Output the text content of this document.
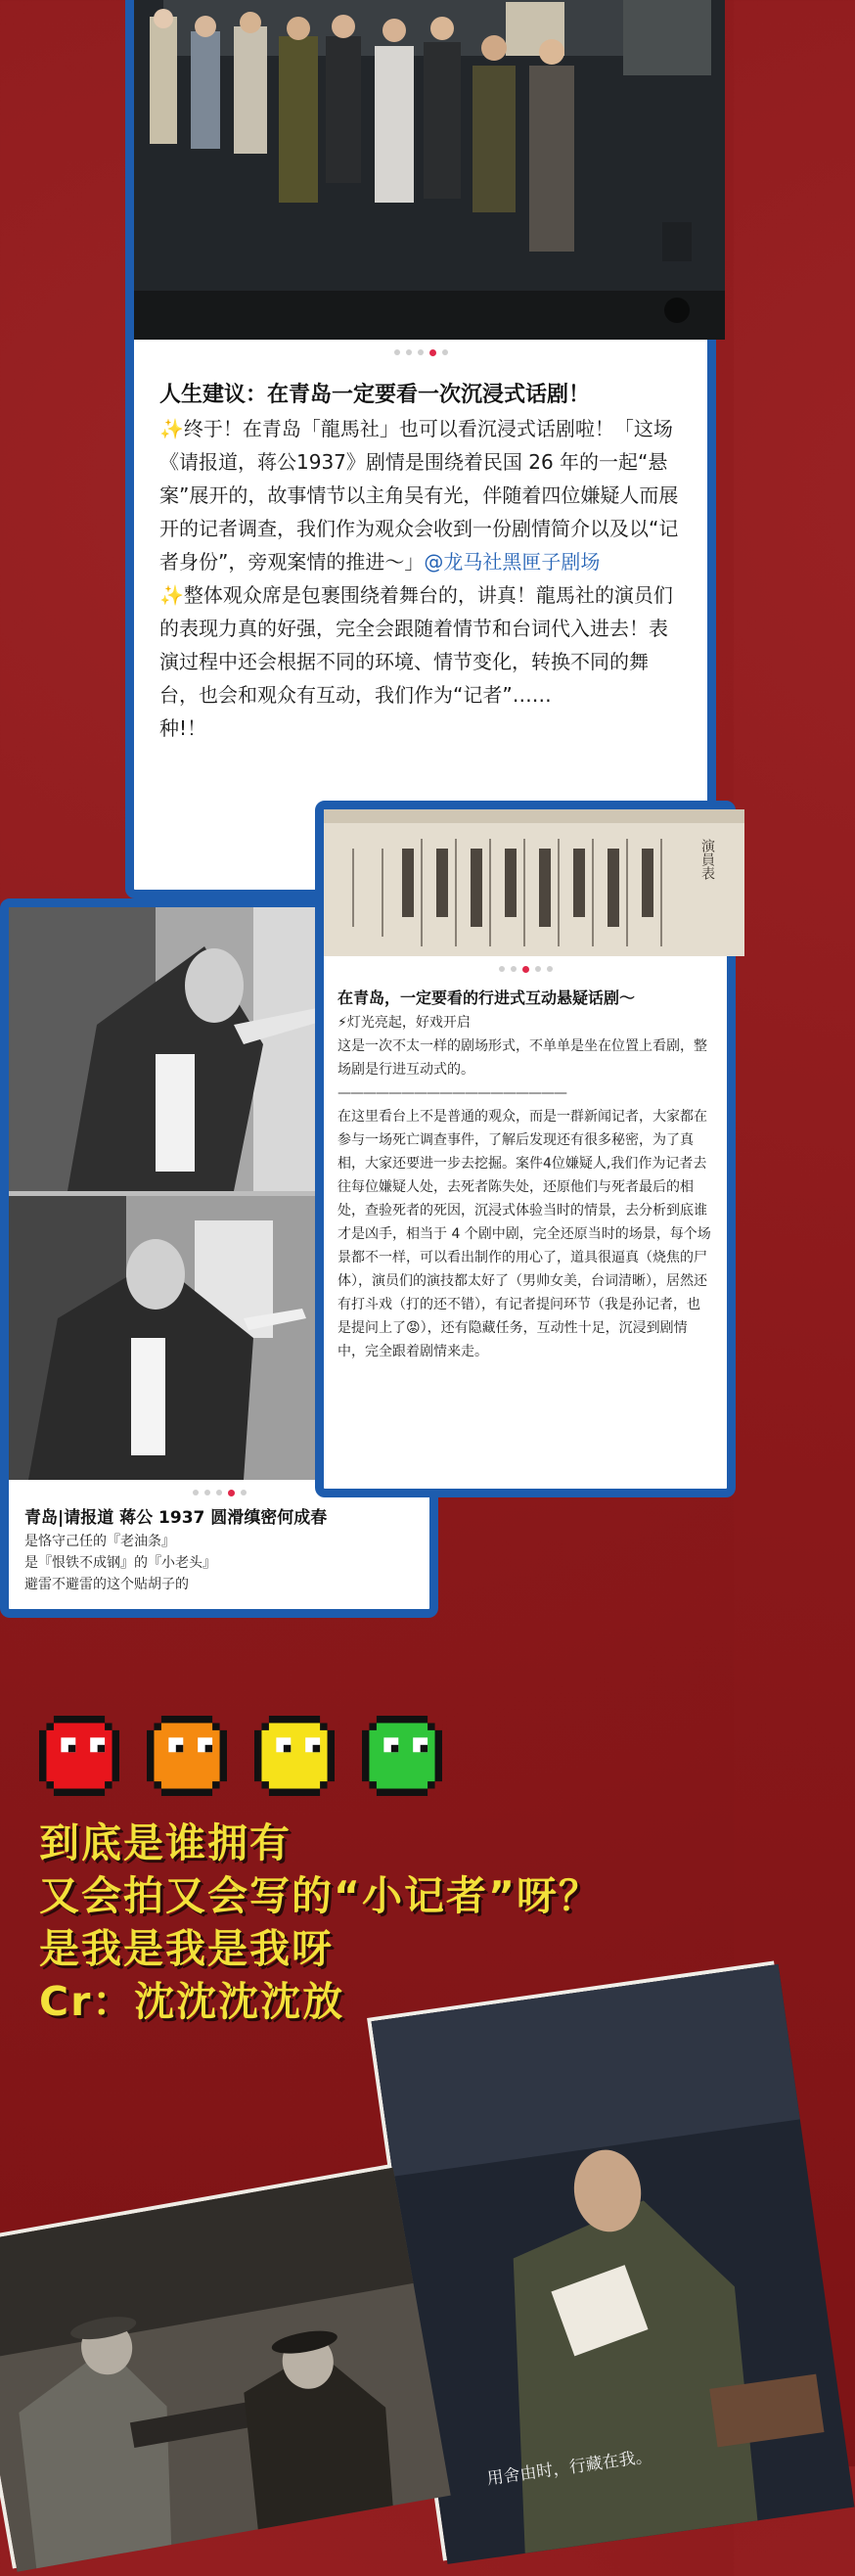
人生建议：在青岛一定要看一次沉浸式话剧！
✨终于！在青岛「龍馬社」也可以看沉浸式话剧啦！「这场《请报道，蒋公1937》剧情是围绕着民国 26 年的一起“悬案”展开的，故事情节以主角吴有光，伴随着四位嫌疑人而展开的记者调查，我们作为观众会收到一份剧情简介以及以“记者身份”，旁观案情的推进～」@龙马社黑匣子剧场
✨整体观众席是包裹围绕着舞台的，讲真！龍馬社的演员们的表现力真的好强，完全会跟随着情节和台词代入进去！表演过程中还会根据不同的环境、情节变化，转换不同的舞台，也会和观众有互动，我们作为“记者”……
种!！
青岛|请报道 蒋公 1937 圆滑缜密何成春
是恪守己任的『老油条』
是『恨铁不成钢』的『小老头』
避雷不避雷的这个贴胡子的
演員表
在青岛，一定要看的行进式互动悬疑话剧～
⚡灯光亮起，好戏开启
这是一次不太一样的剧场形式，不单单是坐在位置上看剧，整场剧是行进互动式的。
——————————————————
在这里看台上不是普通的观众，而是一群新闻记者，大家都在参与一场死亡调查事件，了解后发现还有很多秘密，为了真相，大家还要进一步去挖掘。案件4位嫌疑人,我们作为记者去往每位嫌疑人处，去死者陈失处，还原他们与死者最后的相处，查验死者的死因，沉浸式体验当时的情景，去分析到底谁才是凶手，相当于 4 个剧中剧，完全还原当时的场景，每个场景都不一样，可以看出制作的用心了，道具很逼真（烧焦的尸体），演员们的演技都太好了（男帅女美，台词清晰），居然还有打斗戏（打的还不错），有记者提问环节（我是孙记者，也是提问上了😡），还有隐藏任务，互动性十足，沉浸到剧情中，完全跟着剧情来走。
用舍由时，行藏在我。
到底是谁拥有
又会拍又会写的“小记者”呀？
是我是我是我呀
Cr：沈沈沈沈放
